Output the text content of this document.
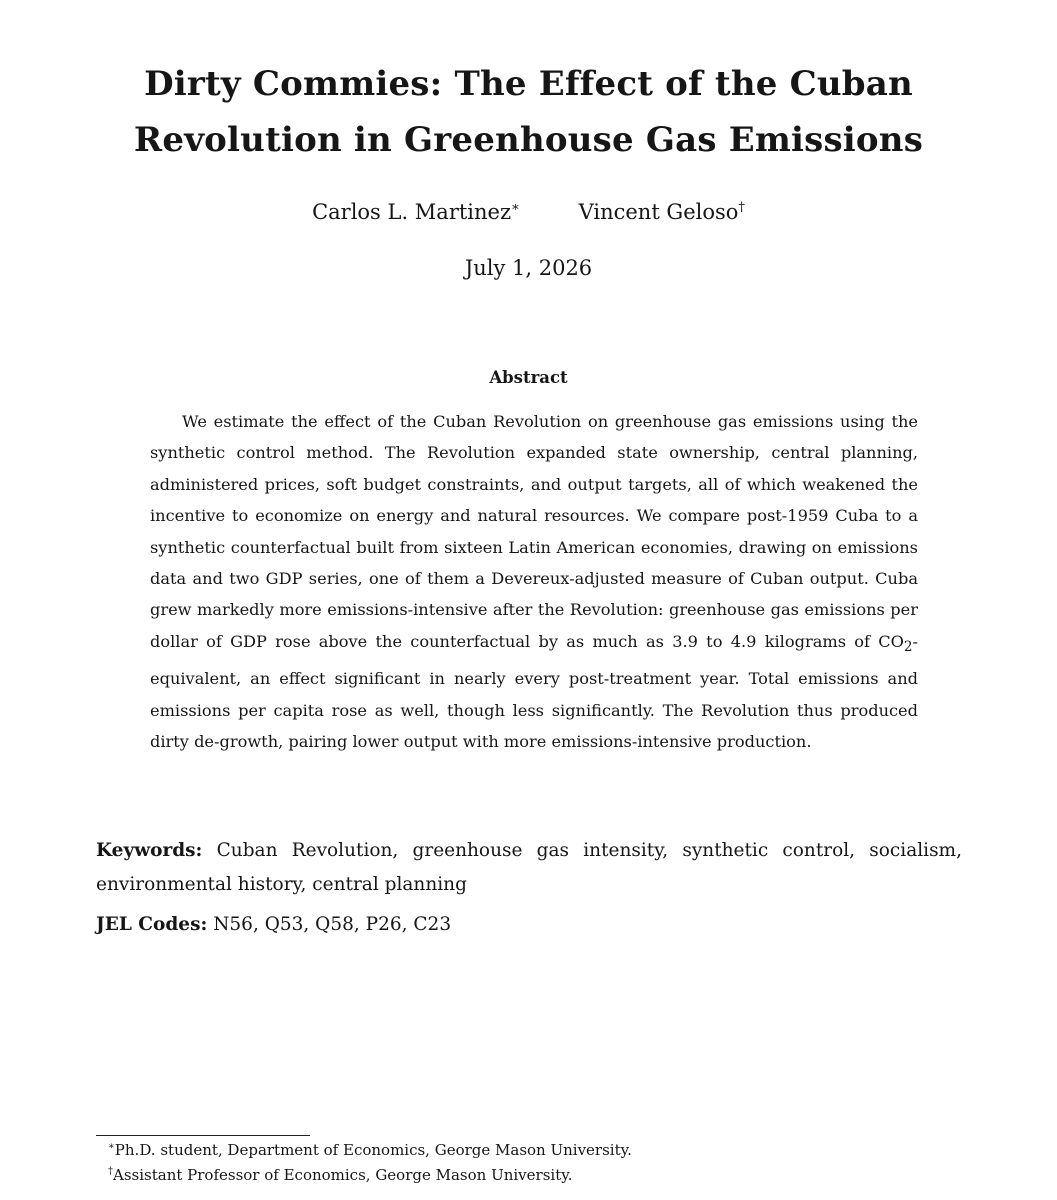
Dirty Commies: The Effect of the Cuban
Revolution in Greenhouse Gas Emissions
Carlos L. Martinez∗	Vincent Geloso†
July 1, 2026
Abstract

We estimate the effect of the Cuban Revolution on greenhouse gas emissions using the synthetic control method. The Revolution expanded state ownership, central planning, administered prices, soft budget constraints, and output targets, all of which weakened the incentive to economize on energy and natural resources. We compare post-1959 Cuba to a synthetic counterfactual built from sixteen Latin American economies, drawing on emissions data and two GDP series, one of them a Devereux-adjusted measure of Cuban output. Cuba grew markedly more emissions-intensive after the Revolution: greenhouse gas emissions per dollar of GDP rose above the counterfactual by as much as 3.9 to 4.9 kilograms of $CO_2$-equivalent, an effect significant in nearly every post-treatment year. Total emissions and emissions per capita rose as well, though less significantly. The Revolution thus produced dirty de-growth, pairing lower output with more emissions-intensive production.

Keywords: Cuban Revolution, greenhouse gas intensity, synthetic control, socialism, environmental history, central planning

JEL Codes: N56, Q53, Q58, P26, C23

∗Ph.D. student, Department of Economics, George Mason University.
†Assistant Professor of Economics, George Mason University.
